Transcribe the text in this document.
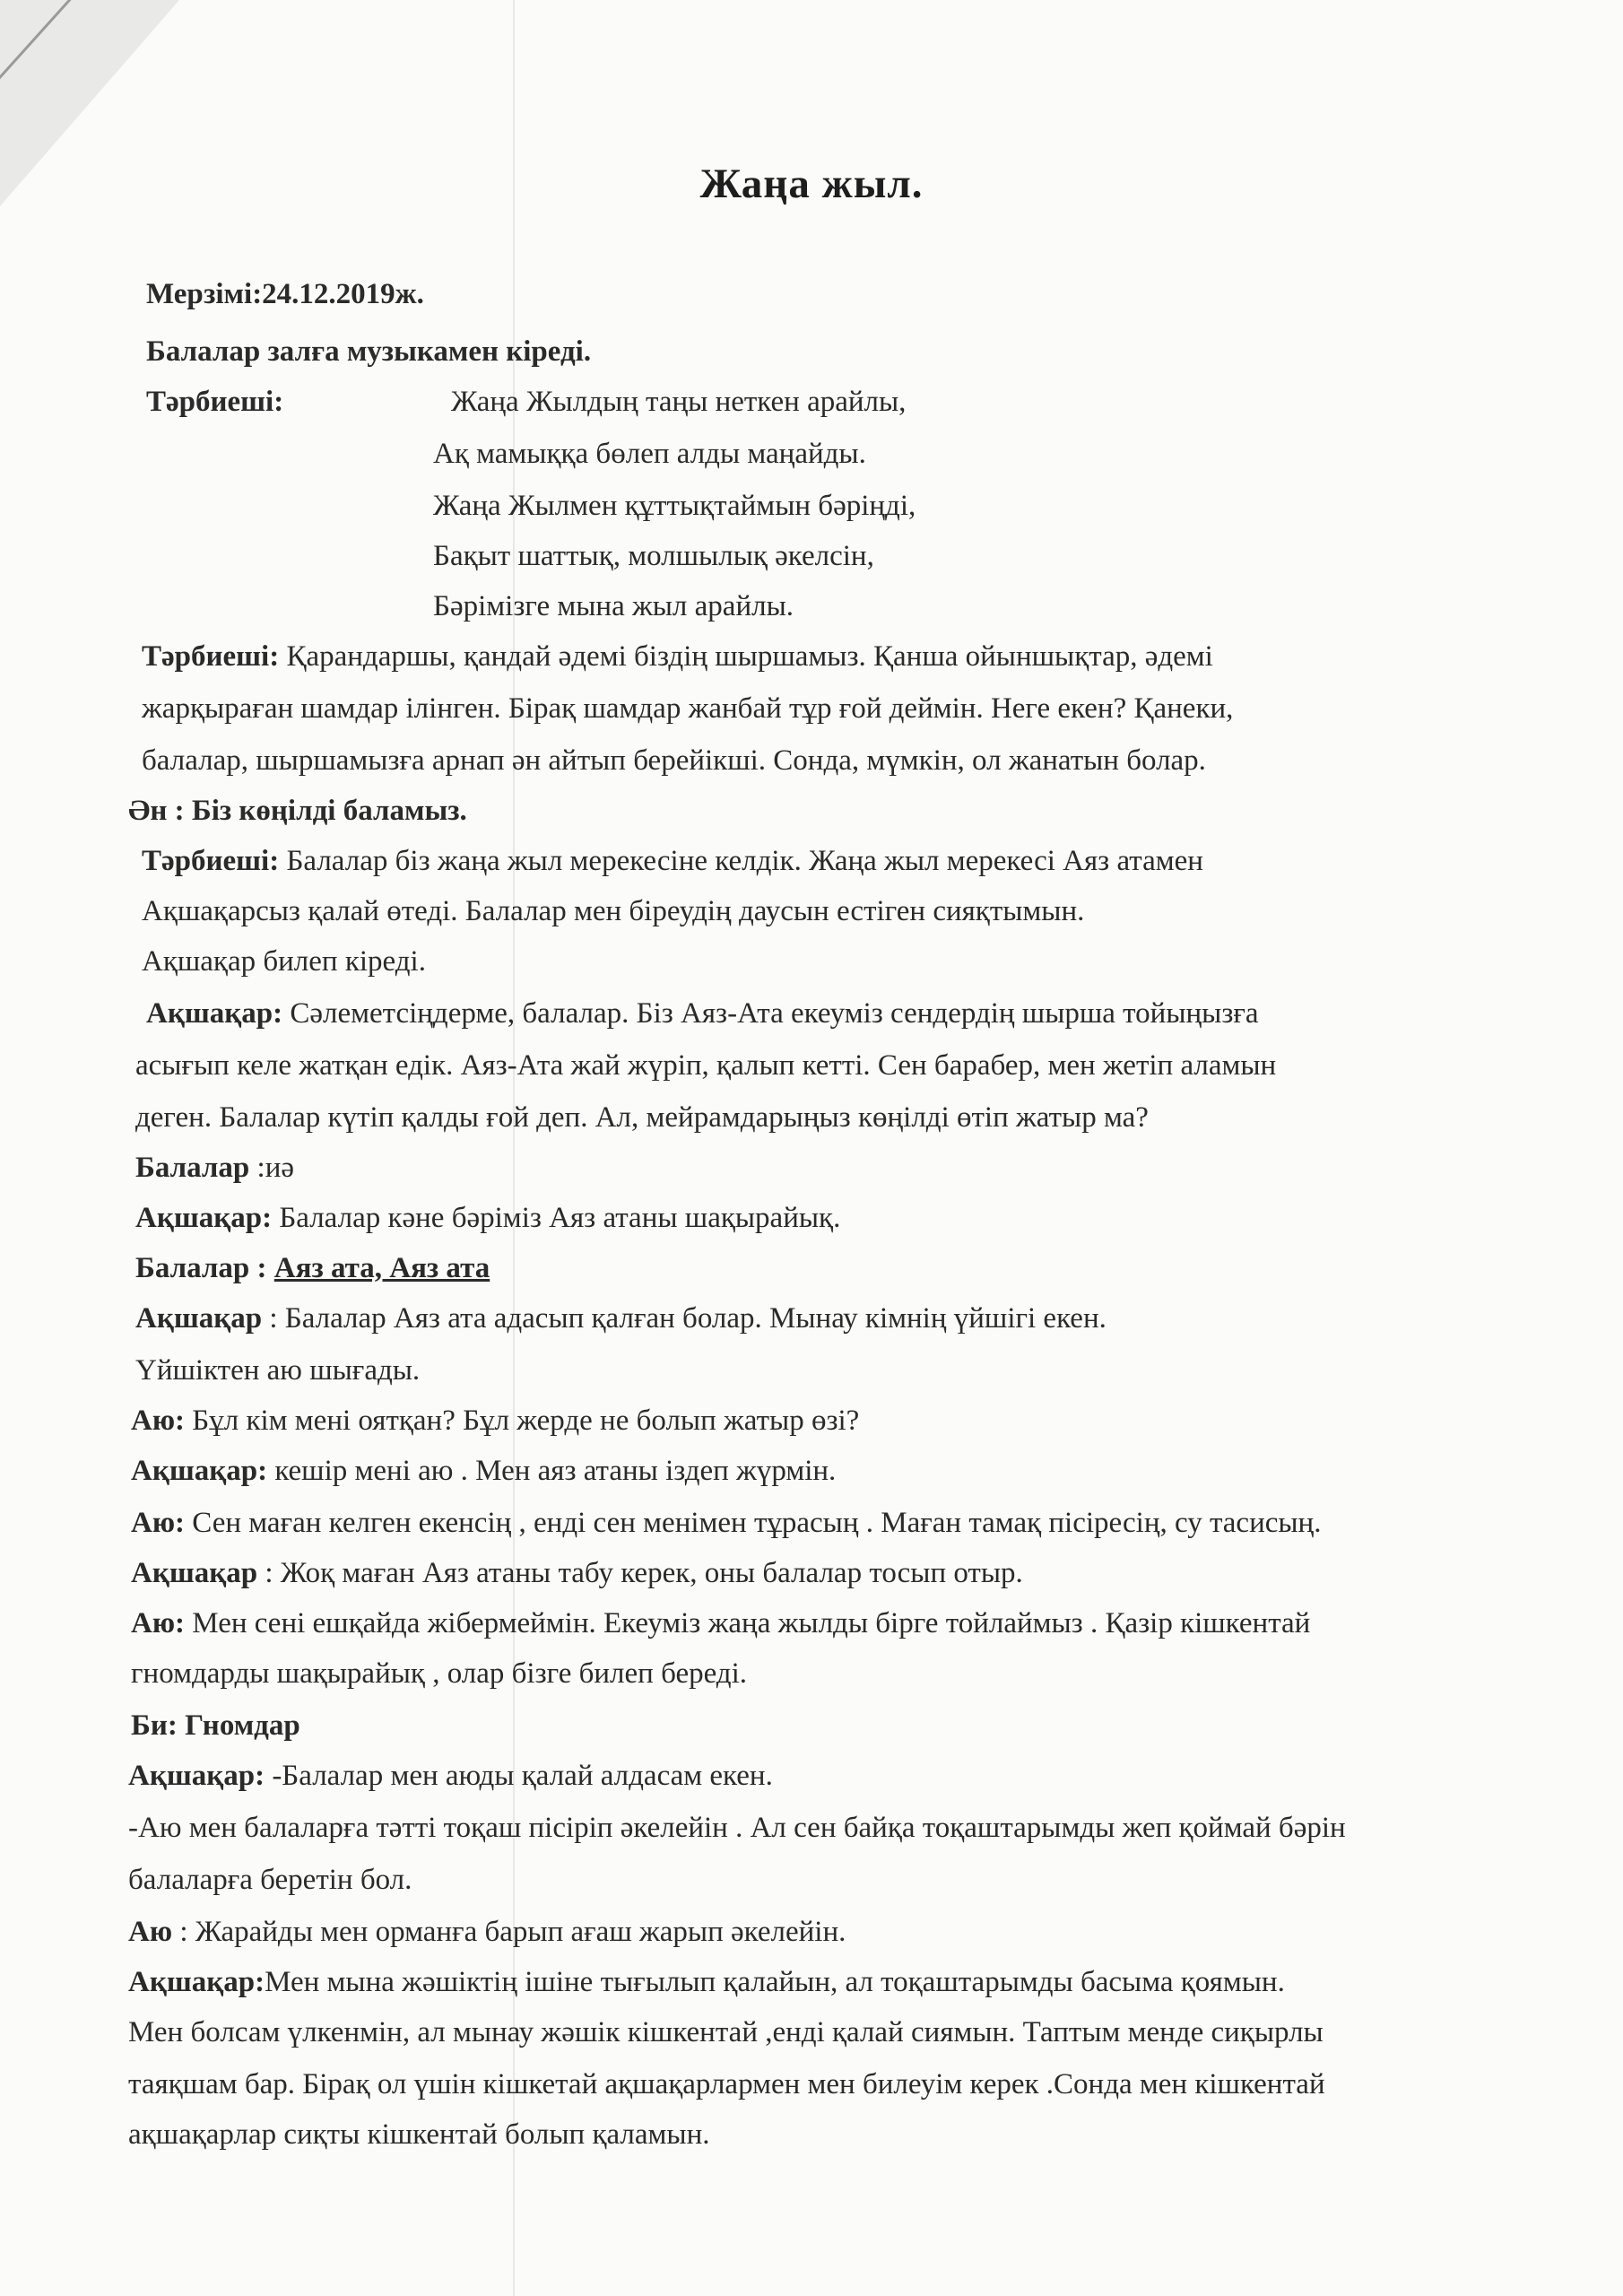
Жаңа жыл.
Мерзімі:24.12.2019ж.
Балалар залға музыкамен кіреді.
Тәрбиеші:	Жаңа Жылдың таңы неткен арайлы,
Ақ мамыққа бөлеп алды маңайды.
Жаңа Жылмен құттықтаймын бәріңді,
Бақыт шаттық, молшылық әкелсін,
Бәрімізге мына жыл арайлы.
Тәрбиеші: Қарандаршы, қандай әдемі біздің шыршамыз. Қанша ойыншықтар, әдемі
жарқыраған шамдар ілінген. Бірақ шамдар жанбай тұр ғой деймін. Неге екен? Қанеки,
балалар, шыршамызға арнап ән айтып берейікші. Сонда, мүмкін, ол жанатын болар.
Ән : Біз көңілді баламыз.
Тәрбиеші: Балалар біз жаңа жыл мерекесіне келдік. Жаңа жыл мерекесі Аяз атамен
Ақшақарсыз қалай өтеді. Балалар мен біреудің даусын естіген сияқтымын.
Ақшақар билеп кіреді.
Ақшақар: Сәлеметсіңдерме, балалар. Біз Аяз-Ата екеуміз сендердің шырша тойыңызға
асығып келе жатқан едік. Аяз-Ата жай жүріп, қалып кетті. Сен барабер, мен жетіп аламын
деген. Балалар күтіп қалды ғой деп. Ал, мейрамдарыңыз көңілді өтіп жатыр ма?
Балалар :иә
Ақшақар: Балалар кәне бәріміз Аяз атаны шақырайық.
Балалар : Аяз ата, Аяз ата
Ақшақар : Балалар Аяз ата адасып қалған болар. Мынау кімнің үйшігі екен.
Үйшіктен аю шығады.
Аю: Бұл кім мені оятқан? Бұл жерде не болып жатыр өзі?
Ақшақар: кешір мені аю . Мен аяз атаны іздеп жүрмін.
Аю: Сен маған келген екенсің , енді сен менімен тұрасың . Маған тамақ пісіресің, су тасисың.
Ақшақар : Жоқ маған Аяз атаны табу керек, оны балалар тосып отыр.
Аю: Мен сені ешқайда жібермеймін. Екеуміз жаңа жылды бірге тойлаймыз . Қазір кішкентай
гномдарды шақырайық , олар бізге билеп береді.
Би: Гномдар
Ақшақар: -Балалар мен аюды қалай алдасам екен.
-Аю мен балаларға тәтті тоқаш пісіріп әкелейін . Ал сен байқа тоқаштарымды жеп қоймай бәрін
балаларға беретін бол.
Аю : Жарайды мен орманға барып ағаш жарып әкелейін.
Ақшақар:Мен мына жәшіктің ішіне тығылып қалайын, ал тоқаштарымды басыма қоямын.
Мен болсам үлкенмін, ал мынау жәшік кішкентай ,енді қалай сиямын. Таптым менде сиқырлы
таяқшам бар. Бірақ ол үшін кішкетай ақшақарлармен мен билеуім керек .Сонда мен кішкентай
ақшақарлар сиқты кішкентай болып қаламын.
